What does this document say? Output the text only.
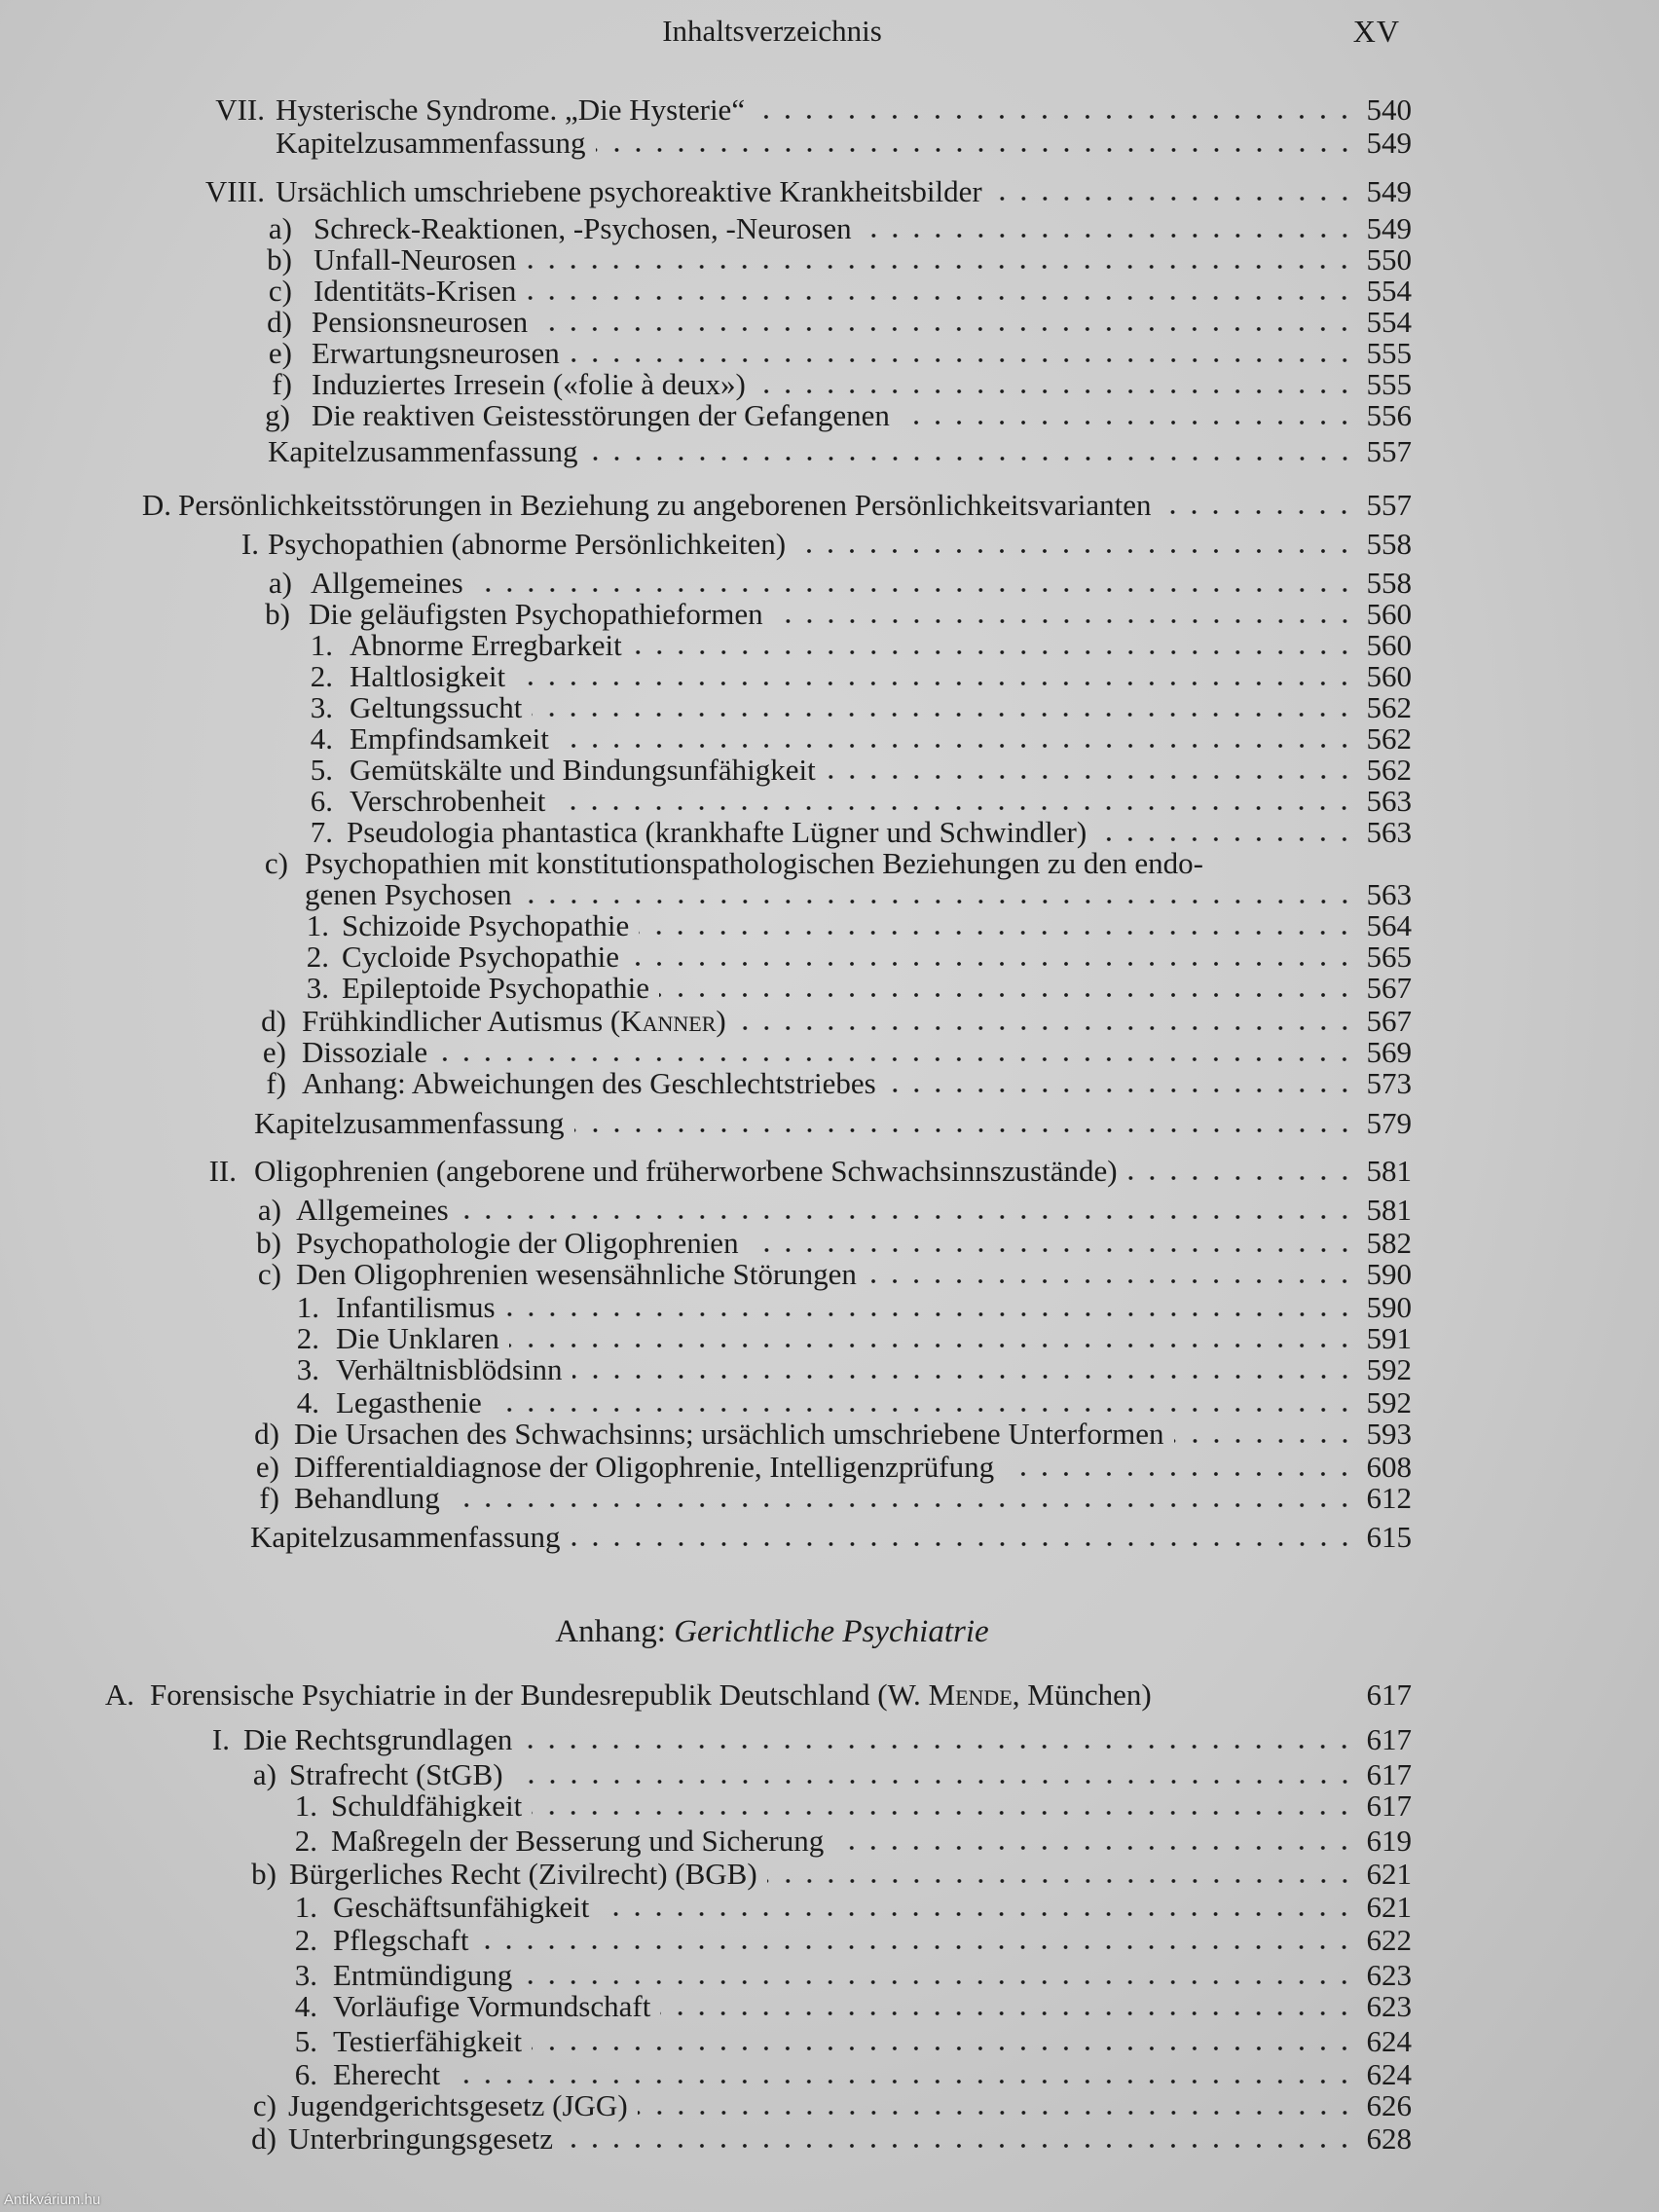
Inhaltsverzeichnis	XV
VII. Hysterische Syndrome. „Die Hysterie“	540
Kapitelzusammenfassung	549
VIII. Ursächlich umschriebene psychoreaktive Krankheitsbilder	549
a) Schreck-Reaktionen, -Psychosen, -Neurosen	549
b) Unfall-Neurosen	550
c) Identitäts-Krisen	554
d) Pensionsneurosen	554
e) Erwartungsneurosen	555
f) Induziertes Irresein («folie à deux»)	555
g) Die reaktiven Geistesstörungen der Gefangenen	556
Kapitelzusammenfassung	557
D. Persönlichkeitsstörungen in Beziehung zu angeborenen Persönlichkeitsvarianten	557
I. Psychopathien (abnorme Persönlichkeiten)	558
a) Allgemeines	558
b) Die geläufigsten Psychopathieformen	560
1. Abnorme Erregbarkeit	560
2. Haltlosigkeit	560
3. Geltungssucht	562
4. Empfindsamkeit	562
5. Gemütskälte und Bindungsunfähigkeit	562
6. Verschrobenheit	563
7. Pseudologia phantastica (krankhafte Lügner und Schwindler)	563
c) Psychopathien mit konstitutionspathologischen Beziehungen zu den endo-
genen Psychosen	563
1. Schizoide Psychopathie	564
2. Cycloide Psychopathie	565
3. Epileptoide Psychopathie	567
d) Frühkindlicher Autismus (Kanner)	567
e) Dissoziale	569
f) Anhang: Abweichungen des Geschlechtstriebes	573
Kapitelzusammenfassung	579
II. Oligophrenien (angeborene und früherworbene Schwachsinnszustände)	581
a) Allgemeines	581
b) Psychopathologie der Oligophrenien	582
c) Den Oligophrenien wesensähnliche Störungen	590
1. Infantilismus	590
2. Die Unklaren	591
3. Verhältnisblödsinn	592
4. Legasthenie	592
d) Die Ursachen des Schwachsinns; ursächlich umschriebene Unterformen	593
e) Differentialdiagnose der Oligophrenie, Intelligenzprüfung	608
f) Behandlung	612
Kapitelzusammenfassung	615
A. Forensische Psychiatrie in der Bundesrepublik Deutschland (W. Mende, München)	617
I. Die Rechtsgrundlagen	617
a) Strafrecht (StGB)	617
1. Schuldfähigkeit	617
2. Maßregeln der Besserung und Sicherung	619
b) Bürgerliches Recht (Zivilrecht) (BGB)	621
1. Geschäftsunfähigkeit	621
2. Pflegschaft	622
3. Entmündigung	623
4. Vorläufige Vormundschaft	623
5. Testierfähigkeit	624
6. Eherecht	624
c) Jugendgerichtsgesetz (JGG)	626
d) Unterbringungsgesetz	628
Anhang: Gerichtliche Psychiatrie
Antikvárium.hu
